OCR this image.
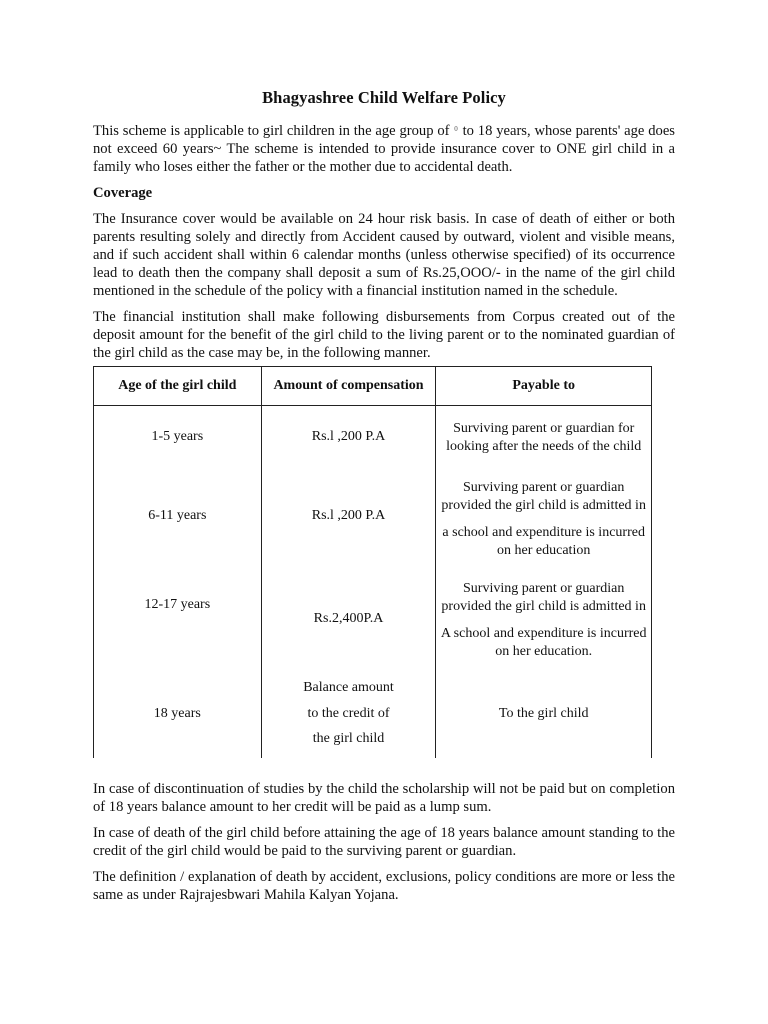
Bhagyashree Child Welfare Policy

This scheme is applicable to girl children in the age group of $^0$ to 18 years, whose parents' age does not exceed 60 years~ The scheme is intended to provide insurance cover to ONE girl child in a family who loses either the father or the mother due to accidental death.

Coverage

The Insurance cover would be available on 24 hour risk basis. In case of death of either or both parents resulting solely and directly from Accident caused by outward, violent and visible means, and if such accident shall within 6 calendar months (unless otherwise specified) of its occurrence lead to death then the company shall deposit a sum of Rs.25,OOO/- in the name of the girl child mentioned in the schedule of the policy with a financial institution named in the schedule.

The financial institution shall make following disbursements from Corpus created out of the deposit amount for the benefit of the girl child to the living parent or to the nominated guardian of the girl child as the case may be, in the following manner.

Age of the girl child	Amount of compensation	Payable to
1-5 years	Rs.l ,200 P.A	Surviving parent or guardian for looking after the needs of the child
6-11 years	Rs.l ,200 P.A	Surviving parent or guardian provided the girl child is admitted in
a school and expenditure is incurred on her education

12-17 years	Rs.2,400P.A	Surviving parent or guardian provided the girl child is admitted in
A school and expenditure is incurred on her education.

18 years	Balance amount
to the credit of
the girl child	To the girl child

In case of discontinuation of studies by the child the scholarship will not be paid but on completion of 18 years balance amount to her credit will be paid as a lump sum.

In case of death of the girl child before attaining the age of 18 years balance amount standing to the credit of the girl child would be paid to the surviving parent or guardian.

The definition / explanation of death by accident, exclusions, policy conditions are more or less the same as under Rajrajesbwari Mahila Kalyan Yojana.
